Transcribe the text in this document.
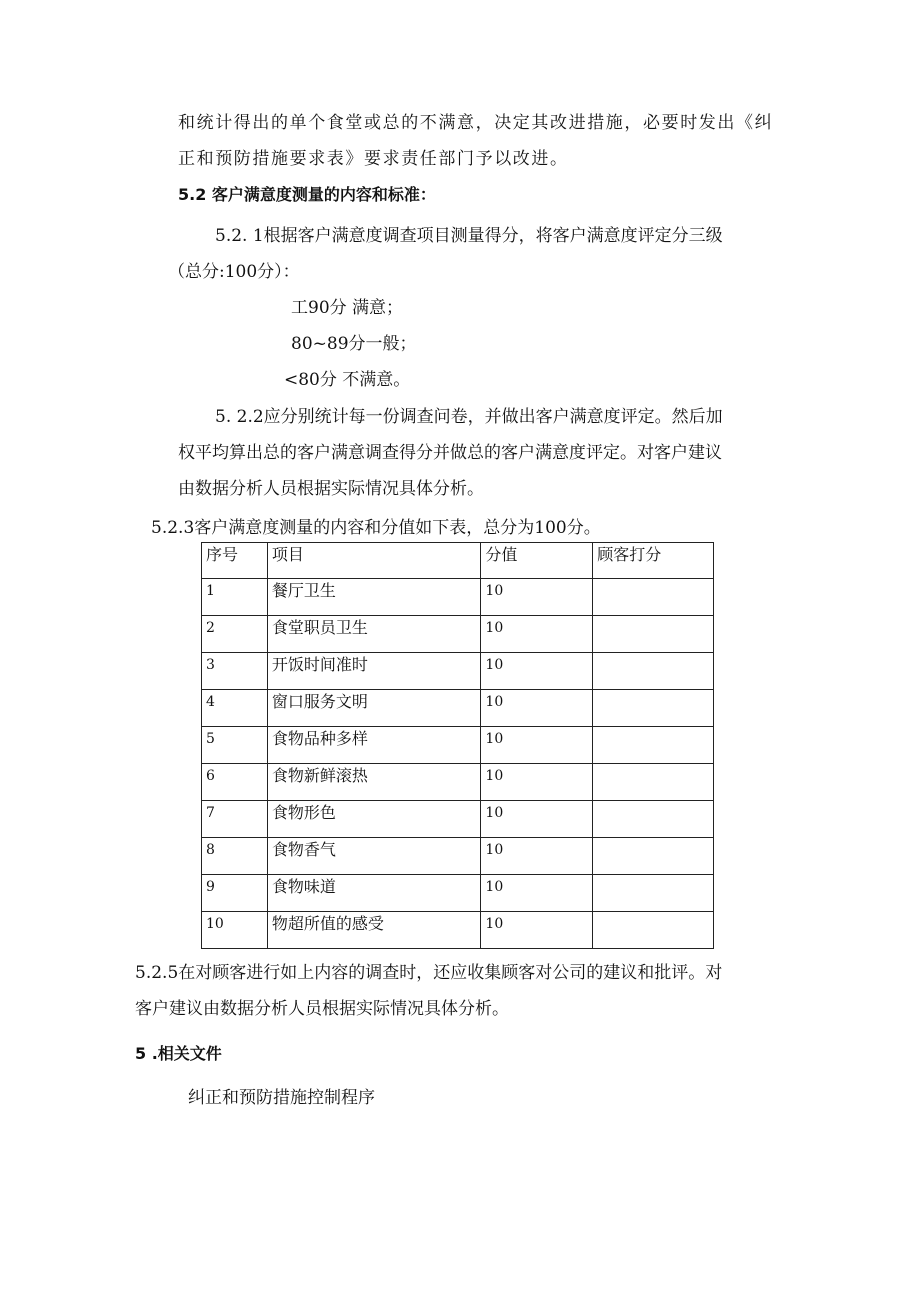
和统计得出的单个食堂或总的不满意，决定其改进措施，必要时发出《纠
正和预防措施要求表》要求责任部门予以改进。
5.2 客户满意度测量的内容和标准：
5.2. 1根据客户满意度调查项目测量得分，将客户满意度评定分三级
（总分:100分）：
工90分 满意；
80~89分一般；
<80分 不满意。
5. 2.2应分别统计每一份调查问卷，并做出客户满意度评定。然后加
权平均算出总的客户满意调查得分并做总的客户满意度评定。对客户建议
由数据分析人员根据实际情况具体分析。
5.2.3客户满意度测量的内容和分值如下表，总分为100分。
序号	项目	分值	顾客打分
1	餐厅卫生	10	
2	食堂职员卫生	10	
3	开饭时间准时	10	
4	窗口服务文明	10	
5	食物品种多样	10	
6	食物新鲜滚热	10	
7	食物形色	10	
8	食物香气	10	
9	食物味道	10	
10	物超所值的感受	10	
5.2.5在对顾客进行如上内容的调查时，还应收集顾客对公司的建议和批评。对
客户建议由数据分析人员根据实际情况具体分析。
5 .相关文件
纠正和预防措施控制程序
